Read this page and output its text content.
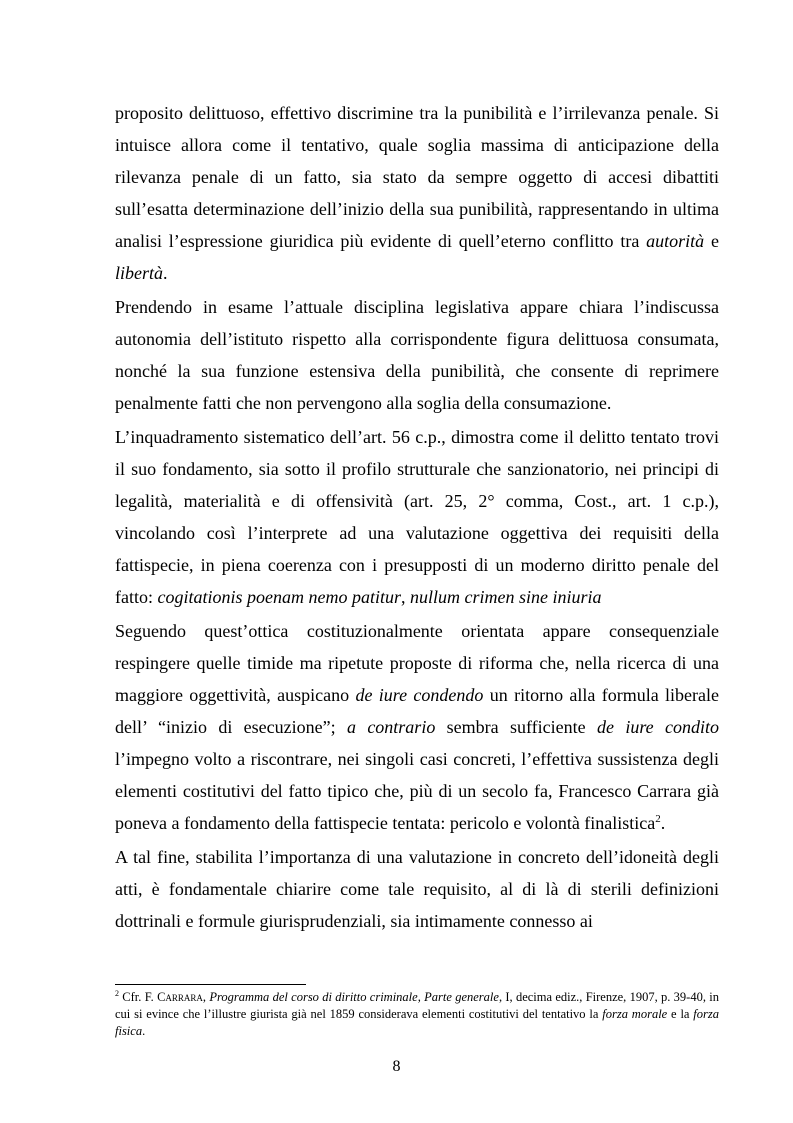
proposito delittuoso, effettivo discrimine tra la punibilità e l’irrilevanza penale. Si intuisce allora come il tentativo, quale soglia massima di anticipazione della rilevanza penale di un fatto, sia stato da sempre oggetto di accesi dibattiti sull’esatta determinazione dell’inizio della sua punibilità, rappresentando in ultima analisi l’espressione giuridica più evidente di quell’eterno conflitto tra autorità e libertà.

Prendendo in esame l’attuale disciplina legislativa appare chiara l’indiscussa autonomia dell’istituto rispetto alla corrispondente figura delittuosa consumata, nonché la sua funzione estensiva della punibilità, che consente di reprimere penalmente fatti che non pervengono alla soglia della consumazione.

L’inquadramento sistematico dell’art. 56 c.p., dimostra come il delitto tentato trovi il suo fondamento, sia sotto il profilo strutturale che sanzionatorio, nei principi di legalità, materialità e di offensività (art. 25, 2° comma, Cost., art. 1 c.p.), vincolando così l’interprete ad una valutazione oggettiva dei requisiti della fattispecie, in piena coerenza con i presupposti di un moderno diritto penale del fatto: cogitationis poenam nemo patitur, nullum crimen sine iniuria

Seguendo quest’ottica costituzionalmente orientata appare consequenziale respingere quelle timide ma ripetute proposte di riforma che, nella ricerca di una maggiore oggettività, auspicano de iure condendo un ritorno alla formula liberale dell’ “inizio di esecuzione”; a contrario sembra sufficiente de iure condito l’impegno volto a riscontrare, nei singoli casi concreti, l’effettiva sussistenza degli elementi costitutivi del fatto tipico che, più di un secolo fa, Francesco Carrara già poneva a fondamento della fattispecie tentata: pericolo e volontà finalistica$^2$.

A tal fine, stabilita l’importanza di una valutazione in concreto dell’idoneità degli atti, è fondamentale chiarire come tale requisito, al di là di sterili definizioni dottrinali e formule giurisprudenziali, sia intimamente connesso ai

$^2$ Cfr. F. Carrara, Programma del corso di diritto criminale, Parte generale, I, decima ediz., Firenze, 1907, p. 39-40, in cui si evince che l’illustre giurista già nel 1859 considerava elementi costitutivi del tentativo la forza morale e la forza fisica.
8
